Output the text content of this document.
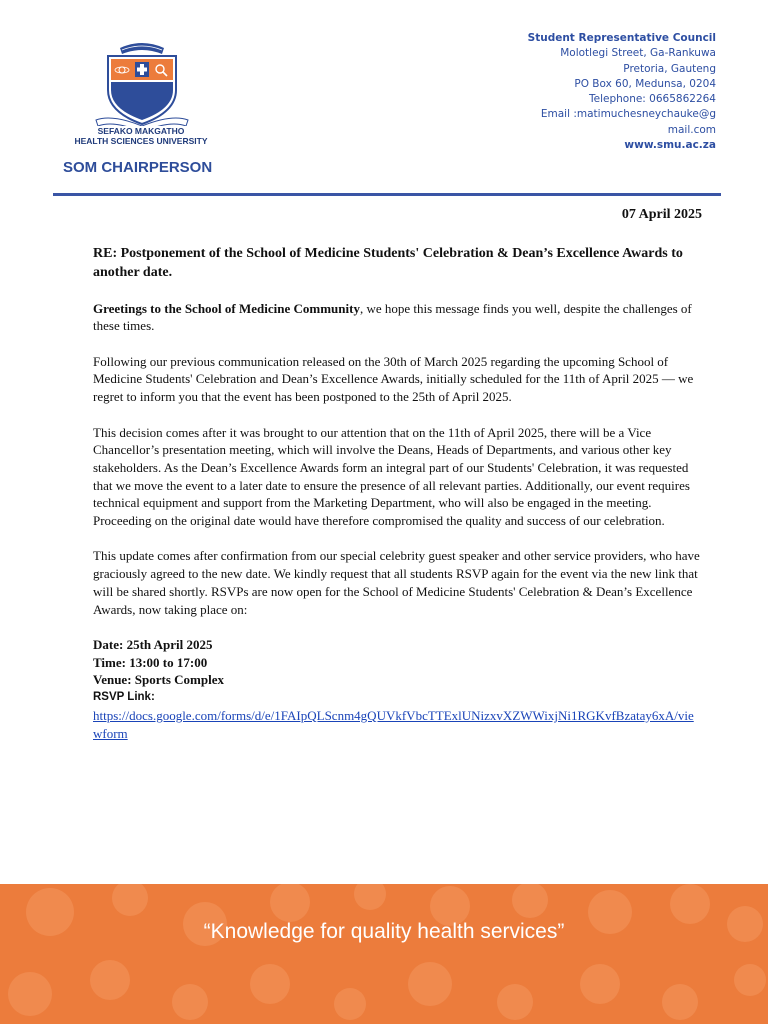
SEFAKO MAKGATHO
HEALTH SCIENCES UNIVERSITY
SOM CHAIRPERSON
Student Representative Council
Molotlegi Street, Ga-Rankuwa
Pretoria, Gauteng
PO Box 60, Medunsa, 0204
Telephone: 0665862264
Email :matimuchesneychauke@g
mail.com
www.smu.ac.za
07 April 2025

RE: Postponement of the School of Medicine Students' Celebration & Dean’s Excellence Awards to another date.

Greetings to the School of Medicine Community, we hope this message finds you well, despite the challenges of these times.

Following our previous communication released on the 30th of March 2025 regarding the upcoming School of Medicine Students' Celebration and Dean’s Excellence Awards, initially scheduled for the 11th of April 2025 — we regret to inform you that the event has been postponed to the 25th of April 2025.

This decision comes after it was brought to our attention that on the 11th of April 2025, there will be a Vice Chancellor’s presentation meeting, which will involve the Deans, Heads of Departments, and various other key stakeholders. As the Dean’s Excellence Awards form an integral part of our Students' Celebration, it was requested that we move the event to a later date to ensure the presence of all relevant parties. Additionally, our event requires technical equipment and support from the Marketing Department, who will also be engaged in the meeting. Proceeding on the original date would have therefore compromised the quality and success of our celebration.

This update comes after confirmation from our special celebrity guest speaker and other service providers, who have graciously agreed to the new date. We kindly request that all students RSVP again for the event via the new link that will be shared shortly. RSVPs are now open for the School of Medicine Students' Celebration & Dean’s Excellence Awards, now taking place on:

Date: 25th April 2025
Time: 13:00 to 17:00
Venue: Sports Complex
RSVP Link:
https://docs.google.com/forms/d/e/1FAIpQLScnm4gQUVkfVbcTTExlUNizxvXZWWixjNi1RGKvfBzatay6xA/viewform
“Knowledge for quality health services”
